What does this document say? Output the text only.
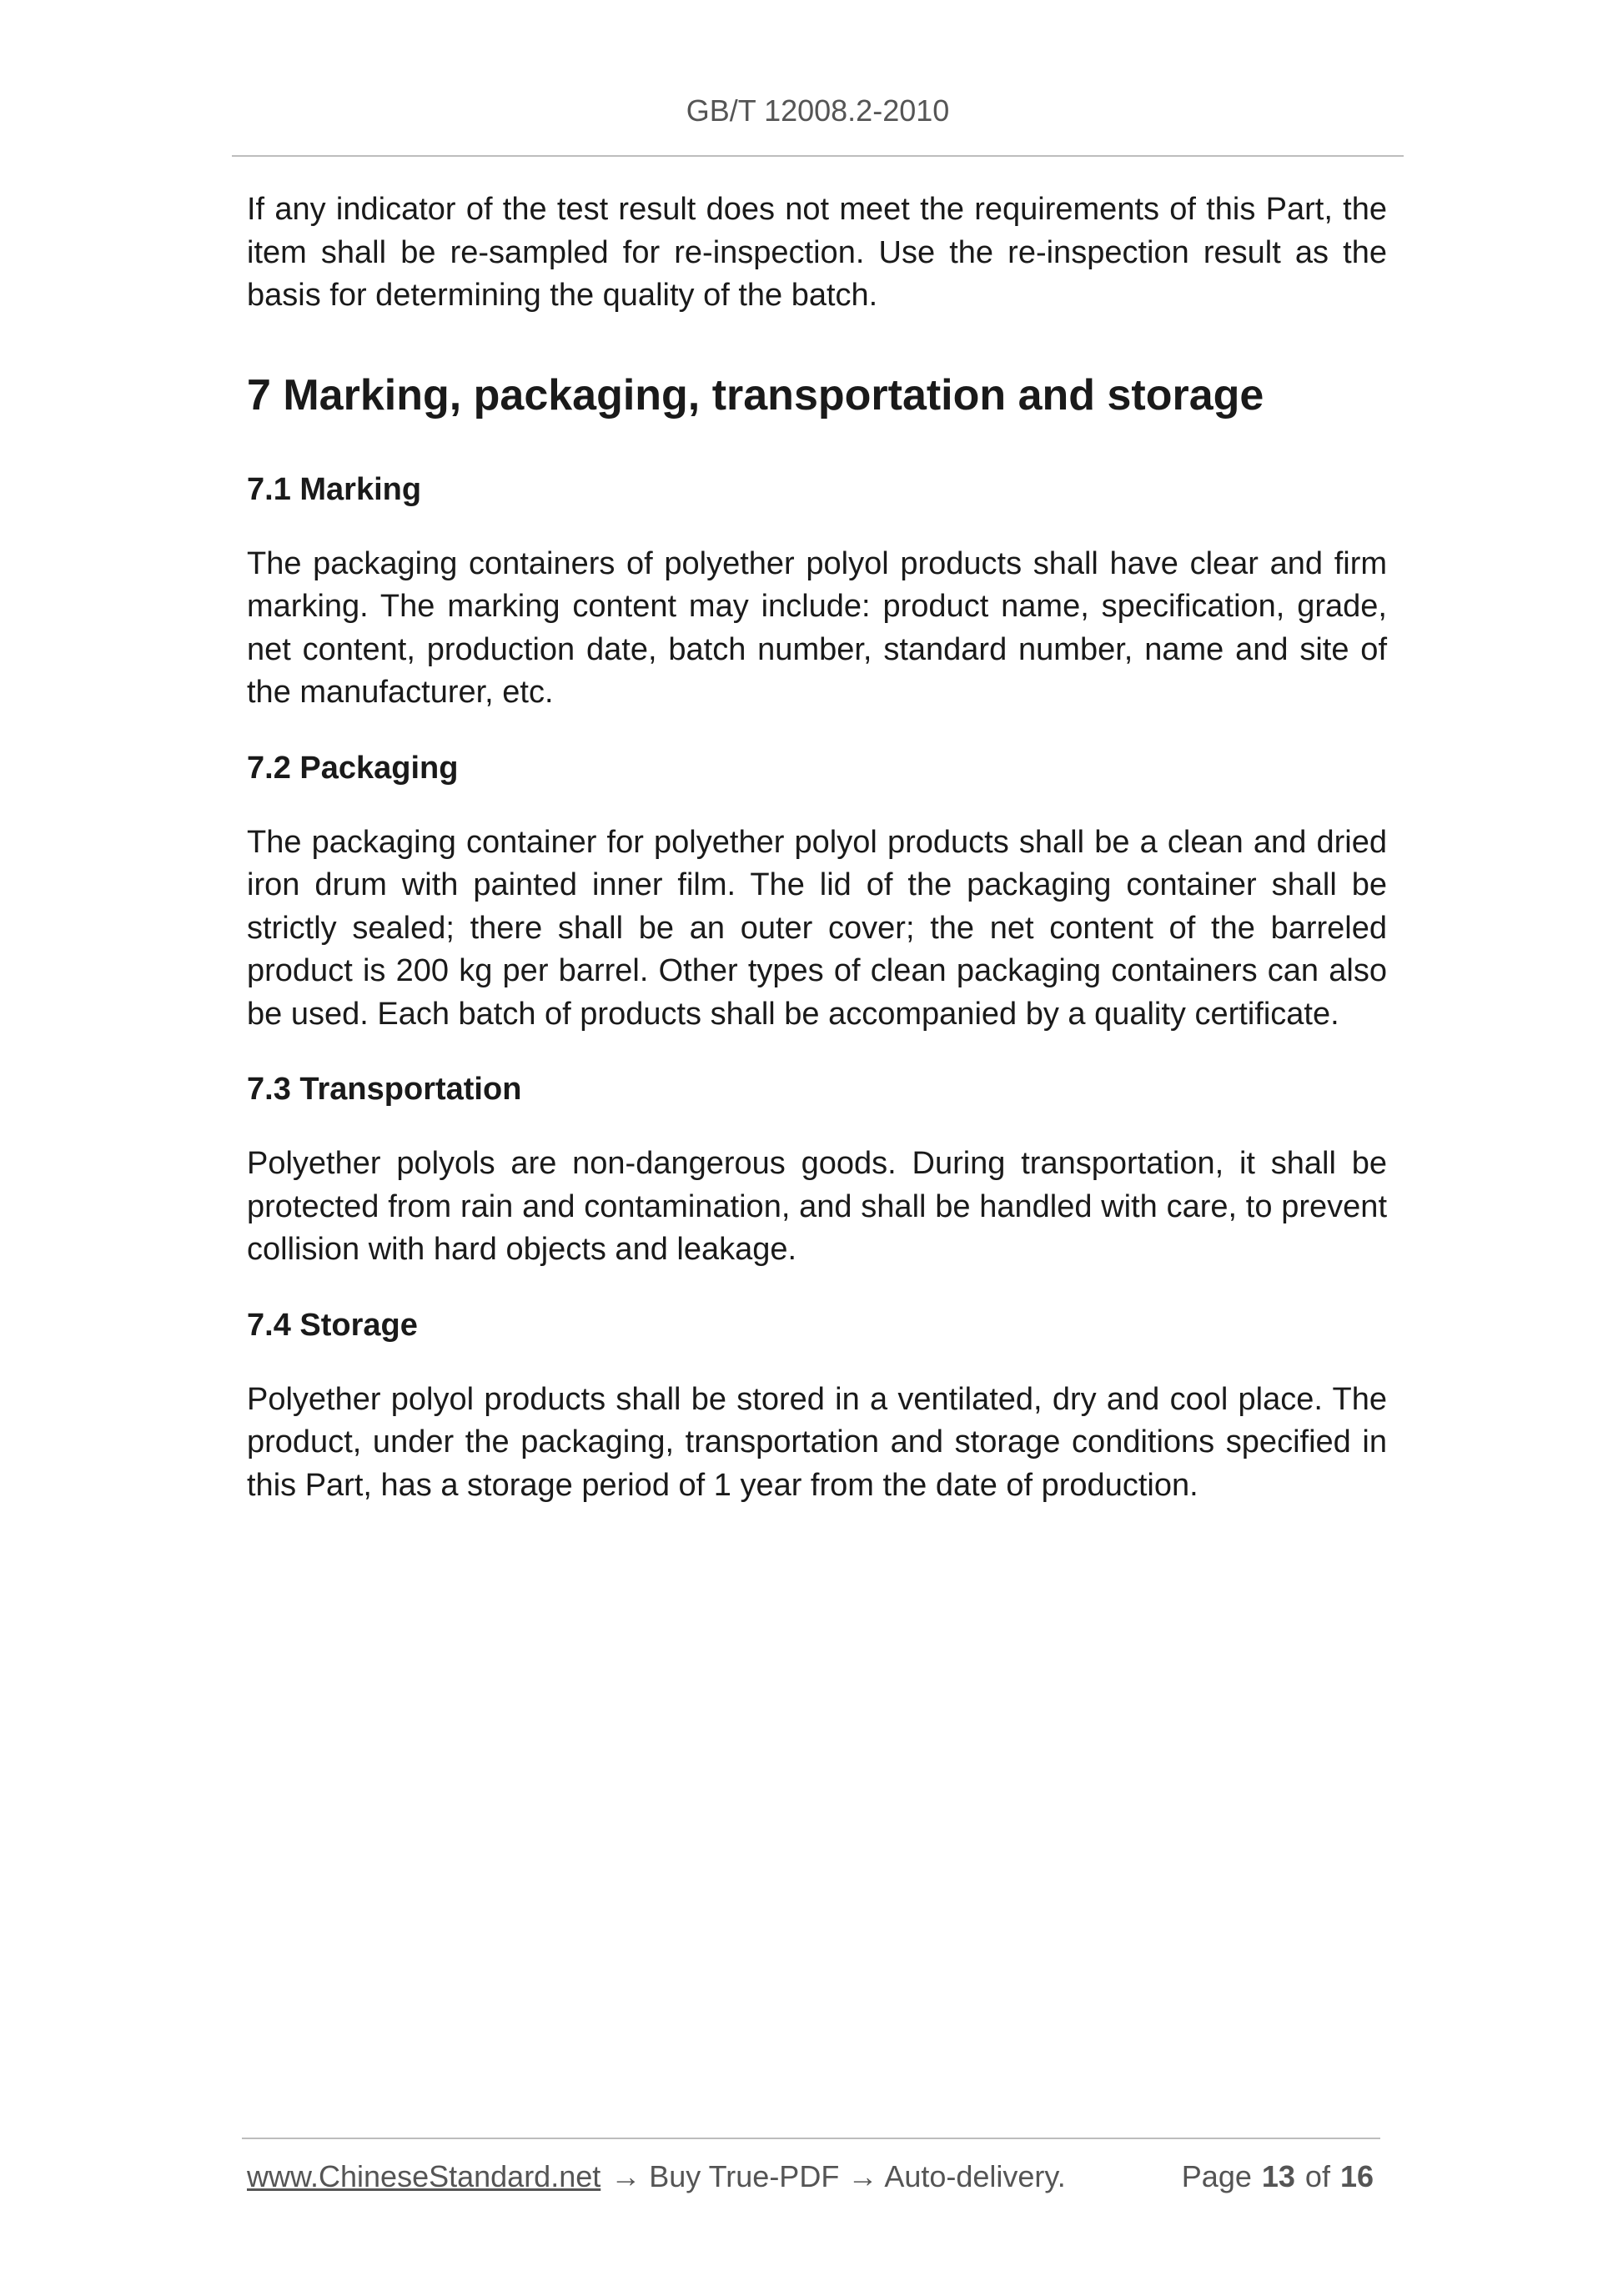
GB/T 12008.2-2010

If any indicator of the test result does not meet the requirements of this Part, the item shall be re-sampled for re-inspection. Use the re-inspection result as the basis for determining the quality of the batch.

7 Marking, packaging, transportation and storage
7.1 Marking

The packaging containers of polyether polyol products shall have clear and firm marking. The marking content may include: product name, specification, grade, net content, production date, batch number, standard number, name and site of the manufacturer, etc.

7.2 Packaging

The packaging container for polyether polyol products shall be a clean and dried iron drum with painted inner film. The lid of the packaging container shall be strictly sealed; there shall be an outer cover; the net content of the barreled product is 200 kg per barrel. Other types of clean packaging containers can also be used. Each batch of products shall be accompanied by a quality certificate.

7.3 Transportation

Polyether polyols are non-dangerous goods. During transportation, it shall be protected from rain and contamination, and shall be handled with care, to prevent collision with hard objects and leakage.

7.4 Storage

Polyether polyol products shall be stored in a ventilated, dry and cool place. The product, under the packaging, transportation and storage conditions specified in this Part, has a storage period of 1 year from the date of production.

www.ChineseStandard.net → Buy True-PDF → Auto-delivery.	Page 13 of 16
